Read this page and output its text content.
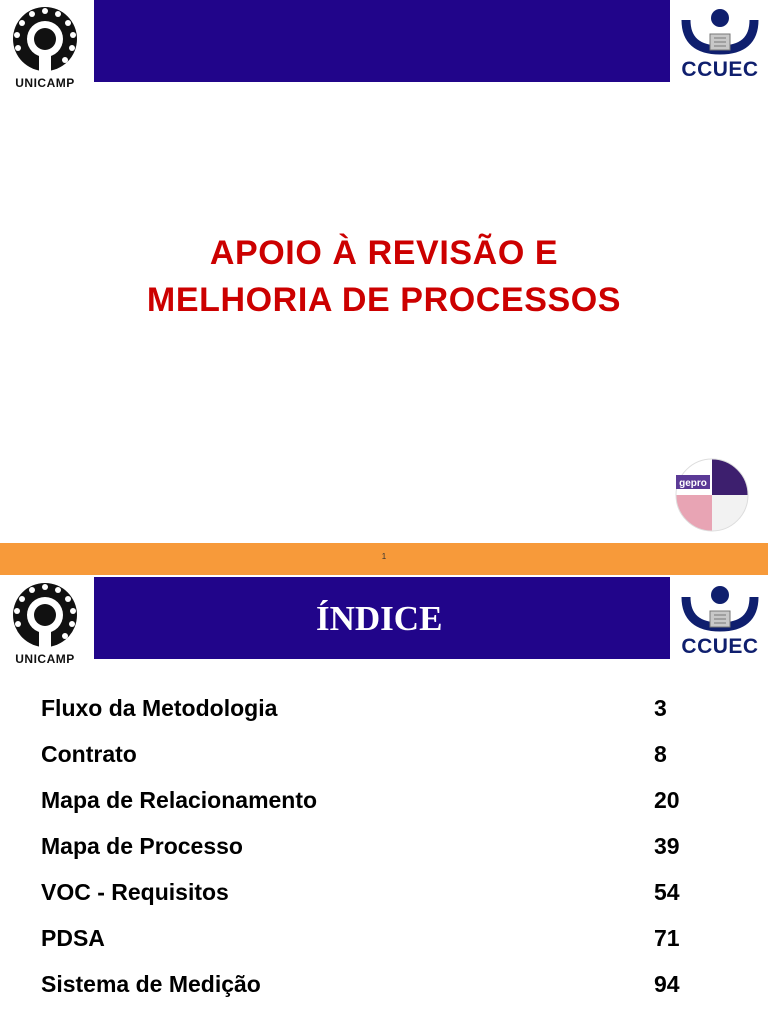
UNICAMP
CCUEC
APOIO À REVISÃO E
MELHORIA DE PROCESSOS
gepro
1
UNICAMP
ÍNDICE
CCUEC
Fluxo da Metodologia	3
Contrato	8
Mapa de Relacionamento	20
Mapa de Processo	39
VOC - Requisitos	54
PDSA	71
Sistema de Medição	94
